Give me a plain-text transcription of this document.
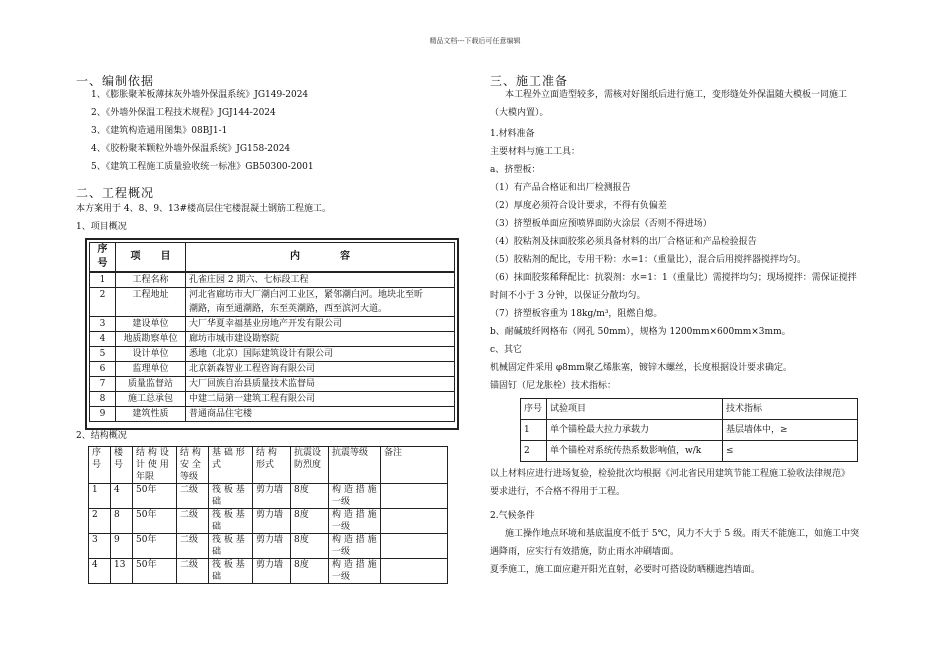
精品文档---下载后可任意编辑
一、编制依据
1、《膨胀聚苯板薄抹灰外墙外保温系统》JG149-2024
2、《外墙外保温工程技术规程》JGJ144-2024
3、《建筑构造通用图集》08BJ1-1
4、《胶粉聚苯颗粒外墙外保温系统》JG158-2024
5、《建筑工程施工质量验收统一标准》GB50300-2001
二、工程概况
本方案用于 4、8、9、13#楼高层住宅楼混凝土钢筋工程施工。
1、项目概况
序号	项　　目	内　　　　容
1	工程名称	孔雀庄园 2 期六、七标段工程
2	工程地址	河北省廊坊市大厂潮白河工业区，紧邻潮白河。地块北至昕
潮路，南至通潮路，东至英潮路，西至滨河大道。

3	建设单位	大厂华夏幸福基业房地产开发有限公司
4	地质勘察单位	廊坊市城市建设勘察院
5	设计单位	悉地（北京）国际建筑设计有限公司
6	监理单位	北京新森智业工程咨询有限公司
7	质量监督站	大厂回族自治县质量技术监督局
8	施工总承包	中建二局第一建筑工程有限公司
9	建筑性质	普通商品住宅楼
2、结构概况
序号	楼号	结 构 设计 使 用年限	结 构 安 全等级	基 础 形式	结 构 形式	抗震设防烈度	抗震等级	备注
1	4	50年	二级	筏 板 基础	剪力墙	8度	构 造 措 施一级	
2	8	50年	二级	筏 板 基础	剪力墙	8度	构 造 措 施一级	
3	9	50年	二级	筏 板 基础	剪力墙	8度	构 造 措 施一级	
4	13	50年	二级	筏 板 基础	剪力墙	8度	构 造 措 施一级	
三、施工准备
本工程外立面造型较多，需核对好图纸后进行施工，变形缝处外保温随大模板一同施工
（大模内置）。
1.材料准备
主要材料与施工工具：
a、挤塑板：
（1）有产品合格证和出厂检测报告
（2）厚度必须符合设计要求，不得有负偏差
（3）挤塑板单面应预喷界面防火涂层（否则不得进场）
（4）胶粘剂及抹面胶浆必须具备材料的出厂合格证和产品检验报告
（5）胶粘剂的配比，专用干粉：水=1：（重量比），混合后用搅拌器搅拌均匀。
（6）抹面胶浆稀释配比：抗裂剂：水=1：1（重量比）需搅拌均匀；现场搅拌：需保证搅拌
时间不小于 3 分钟，以保证分散均匀。
（7）挤塑板容重为 18kg/m³，阻燃自熄。
b、耐碱玻纤网格布（网孔 50mm），规格为 1200mm×600mm×3mm。
c、其它
机械固定件采用 φ8mm聚乙烯胀塞，镀锌木螺丝，长度根据设计要求确定。
锚固钉（尼龙胀栓）技术指标：
序号	试验项目	技术指标
1	单个锚栓最大拉力承载力	基层墙体中，≥
2	单个锚栓对系统传热系数影响值，w/k	≤
以上材料应进行进场复验，检验批次均根据《河北省民用建筑节能工程施工验收法律规范》
要求进行，不合格不得用于工程。
2.气候条件
施工操作地点环境和基底温度不低于 5℃，风力不大于 5 级。雨天不能施工，如施工中突
遇降雨，应实行有效措施，防止雨水冲刷墙面。
夏季施工，施工面应避开阳光直射，必要时可搭设防晒棚遮挡墙面。
